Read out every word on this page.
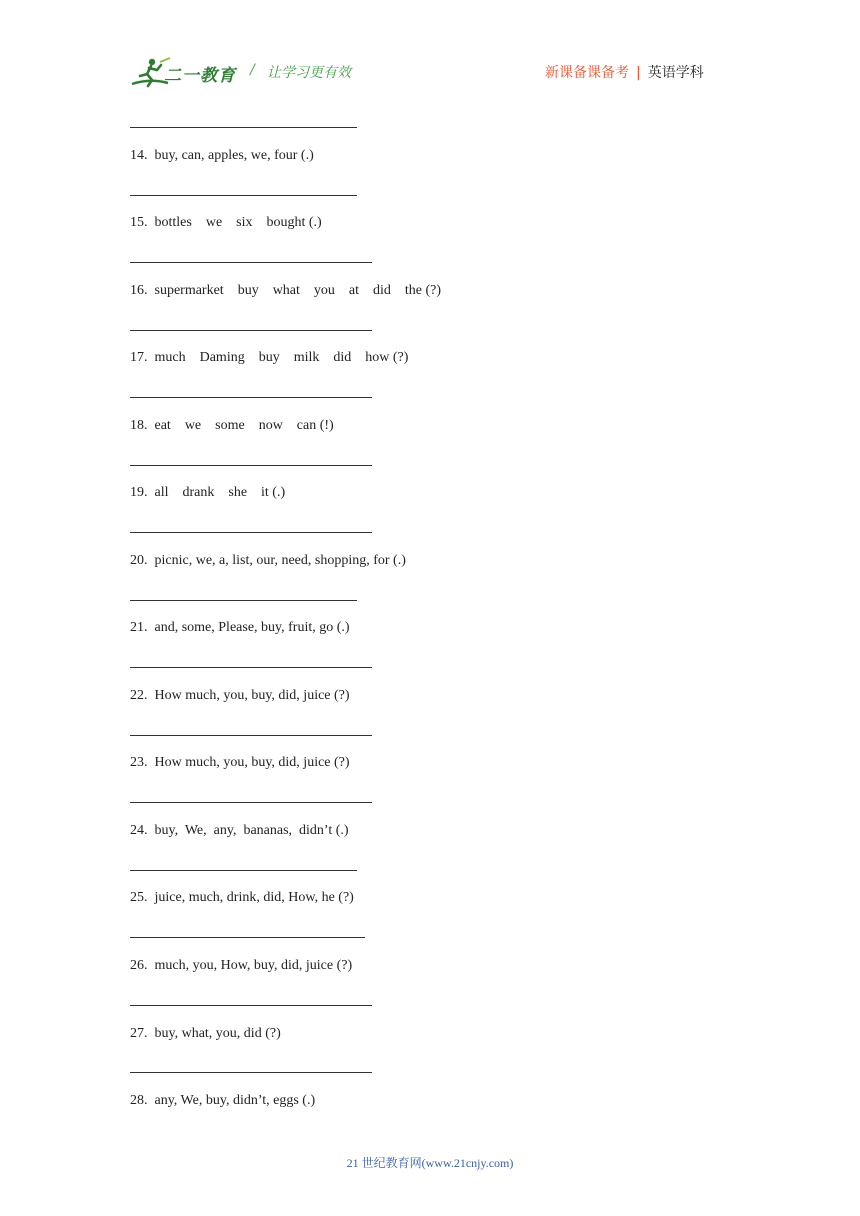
二一教育 / 让学习更有效	新课备课备考 | 英语学科
14. buy, can, apples, we, four (.)
15. bottles    we    six    bought (.)
16. supermarket    buy    what    you    at    did    the (?)
17. much    Daming    buy    milk    did    how (?)
18. eat    we    some    now    can (!)
19. all    drank    she    it (.)
20. picnic, we, a, list, our, need, shopping, for (.)
21. and, some, Please, buy, fruit, go (.)
22. How much, you, buy, did, juice (?)
23. How much, you, buy, did, juice (?)
24. buy,  We,  any,  bananas,  didn’t (.)
25. juice, much, drink, did, How, he (?)
26. much, you, How, buy, did, juice (?)
27. buy, what, you, did (?)
28. any, We, buy, didn’t, eggs (.)
21 世纪教育网(www.21cnjy.com)
